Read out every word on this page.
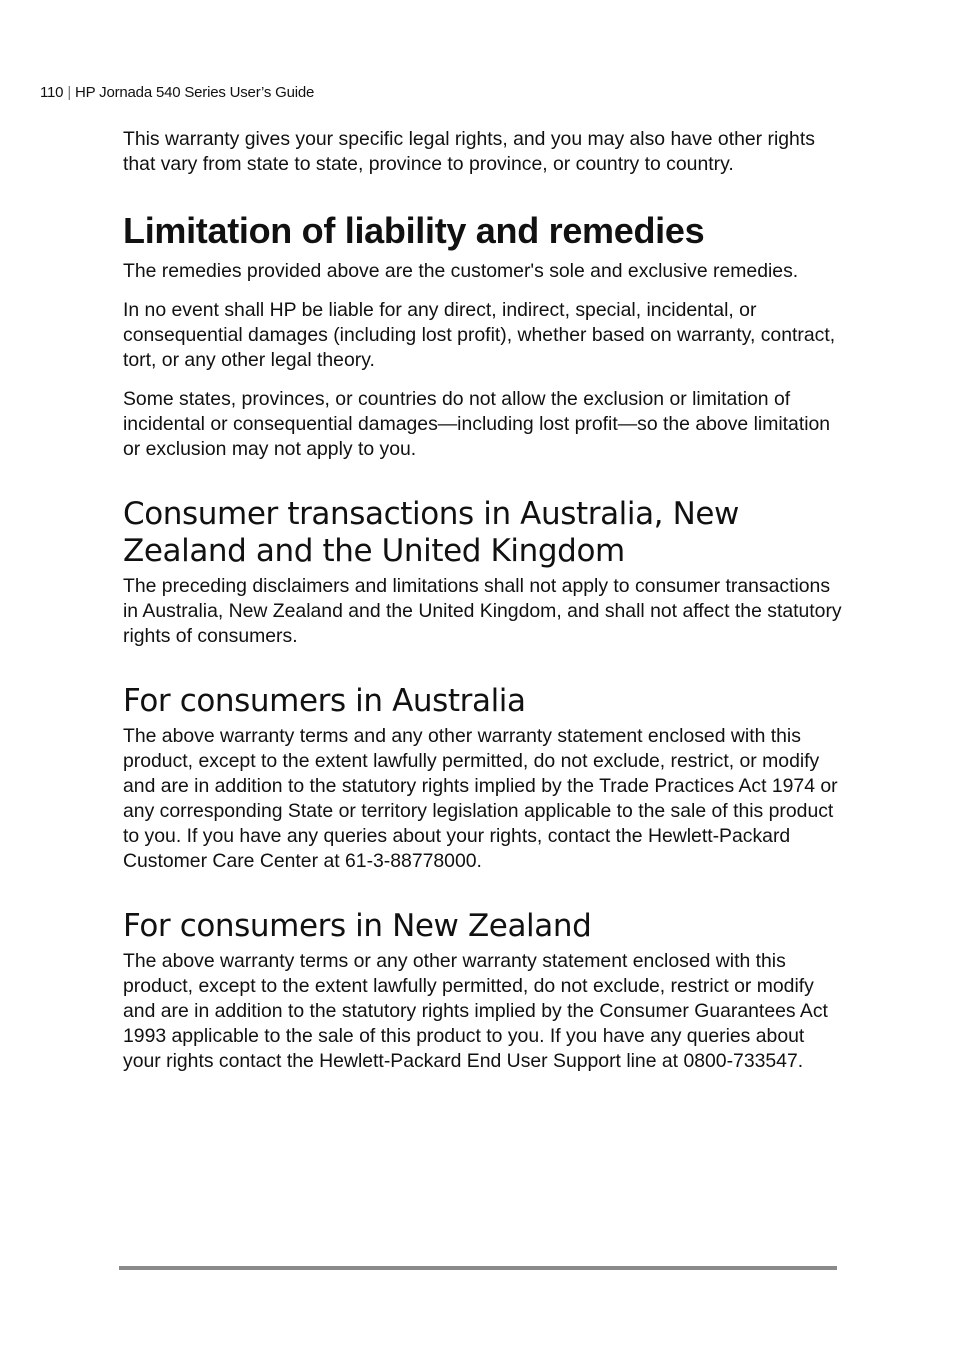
110 | HP Jornada 540 Series User’s Guide

This warranty gives your specific legal rights, and you may also have other rights that vary from state to state, province to province, or country to country.

Limitation of liability and remedies

The remedies provided above are the customer's sole and exclusive remedies.

In no event shall HP be liable for any direct, indirect, special, incidental, or consequential damages (including lost profit), whether based on warranty, contract, tort, or any other legal theory.

Some states, provinces, or countries do not allow the exclusion or limitation of incidental or consequential damages—including lost profit—so the above limitation or exclusion may not apply to you.

Consumer transactions in Australia, New Zealand and the United Kingdom

The preceding disclaimers and limitations shall not apply to consumer transactions in Australia, New Zealand and the United Kingdom, and shall not affect the statutory rights of consumers.

For consumers in Australia

The above warranty terms and any other warranty statement enclosed with this product, except to the extent lawfully permitted, do not exclude, restrict, or modify and are in addition to the statutory rights implied by the Trade Practices Act 1974 or any corresponding State or territory legislation applicable to the sale of this product to you. If you have any queries about your rights, contact the Hewlett-Packard Customer Care Center at 61-3-88778000.

For consumers in New Zealand

The above warranty terms or any other warranty statement enclosed with this product, except to the extent lawfully permitted, do not exclude, restrict or modify and are in addition to the statutory rights implied by the Consumer Guarantees Act 1993 applicable to the sale of this product to you. If you have any queries about your rights contact the Hewlett-Packard End User Support line at 0800-733547.
